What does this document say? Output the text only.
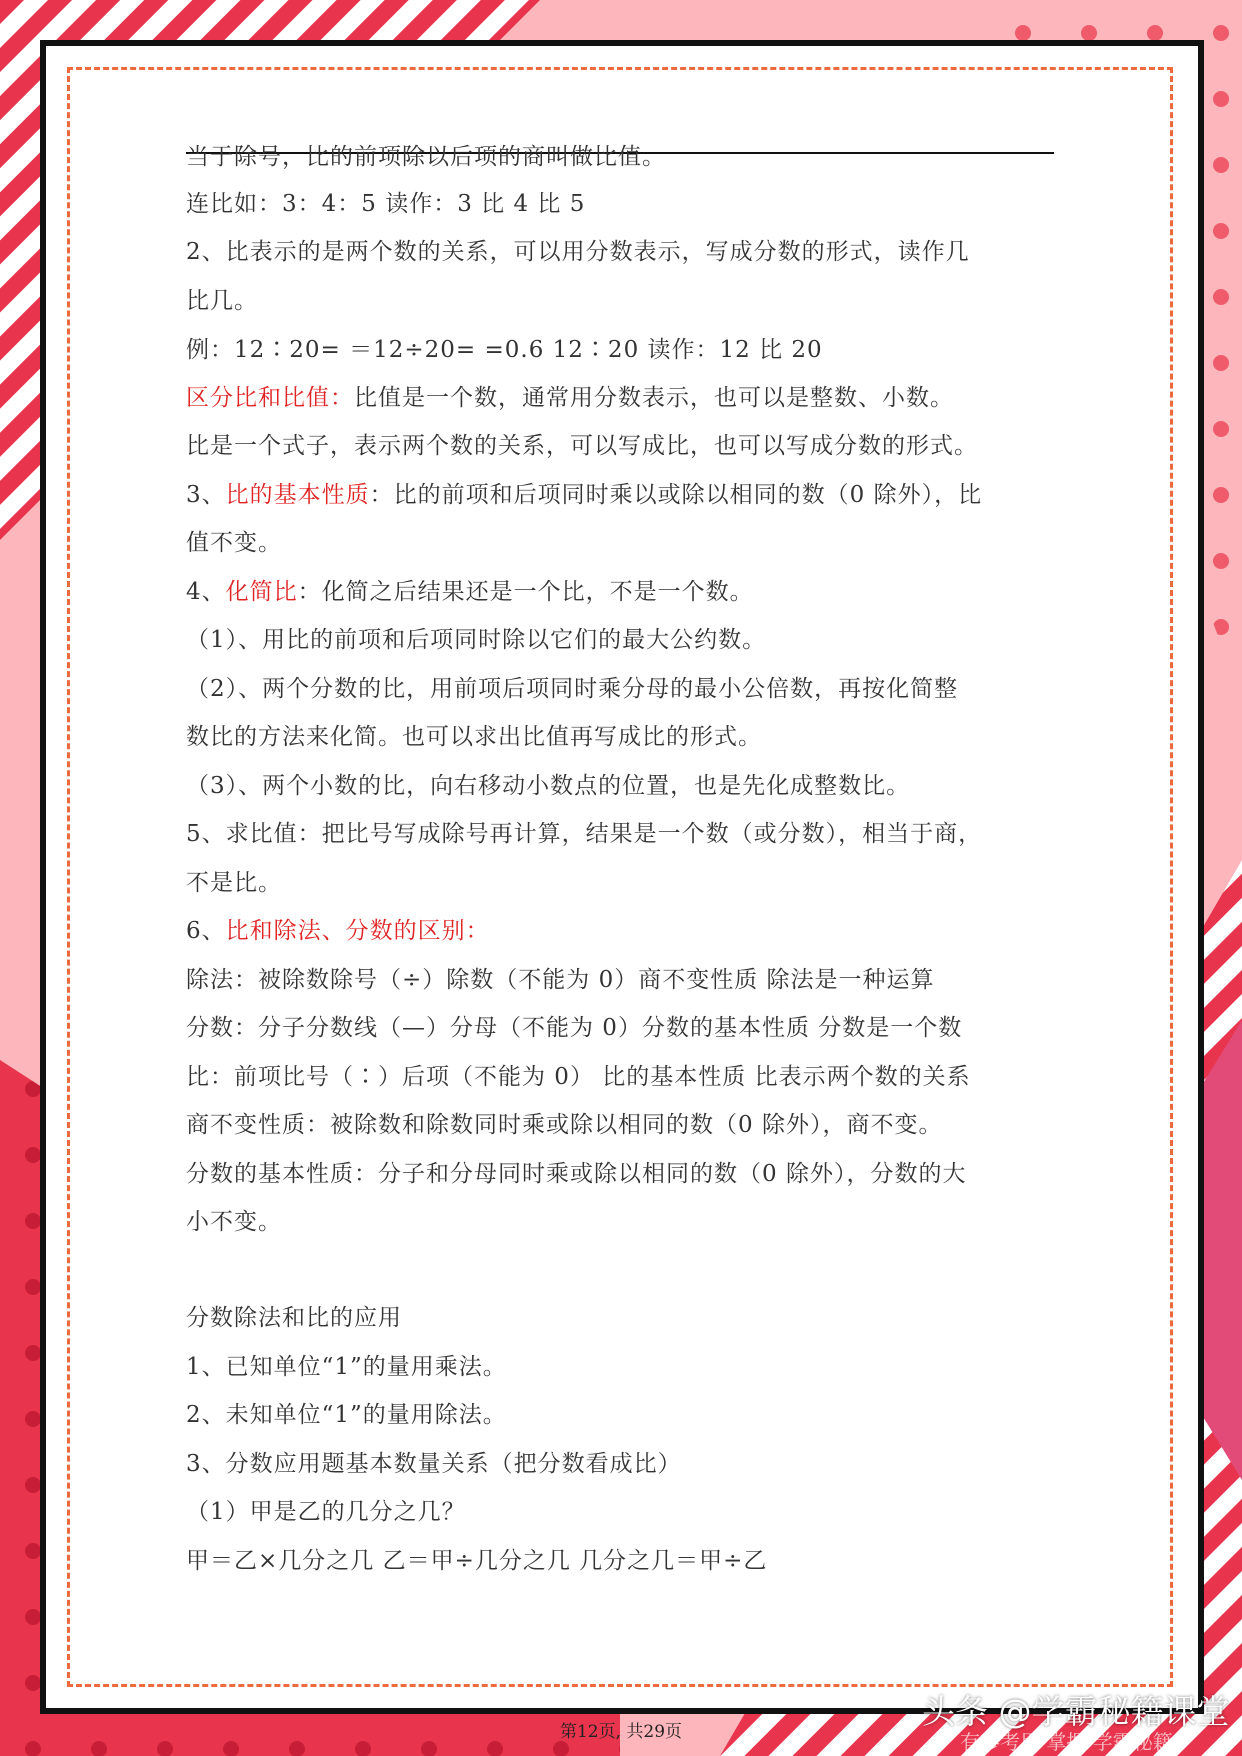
当于除号，比的前项除以后项的商叫做比值。
连比如：3：4：5 读作：3 比 4 比 5
2、比表示的是两个数的关系，可以用分数表示，写成分数的形式，读作几
比几。
例：12∶20= ＝12÷20= =0.6 12∶20 读作：12 比 20
区分比和比值：比值是一个数，通常用分数表示，也可以是整数、小数。
比是一个式子，表示两个数的关系，可以写成比，也可以写成分数的形式。
3、比的基本性质：比的前项和后项同时乘以或除以相同的数（0 除外），比
值不变。
4、化简比：化简之后结果还是一个比，不是一个数。
（1）、用比的前项和后项同时除以它们的最大公约数。
（2）、两个分数的比，用前项后项同时乘分母的最小公倍数，再按化简整
数比的方法来化简。也可以求出比值再写成比的形式。
（3）、两个小数的比，向右移动小数点的位置，也是先化成整数比。
5、求比值：把比号写成除号再计算，结果是一个数（或分数），相当于商，
不是比。
6、比和除法、分数的区别：
除法：被除数除号（÷）除数（不能为 0）商不变性质 除法是一种运算
分数：分子分数线（—）分母（不能为 0）分数的基本性质 分数是一个数
比：前项比号（∶）后项（不能为 0） 比的基本性质 比表示两个数的关系
商不变性质：被除数和除数同时乘或除以相同的数（0 除外），商不变。
分数的基本性质：分子和分母同时乘或除以相同的数（0 除外），分数的大
小不变。
分数除法和比的应用
1、已知单位“1”的量用乘法。
2、未知单位“1”的量用除法。
3、分数应用题基本数量关系（把分数看成比）
（1）甲是乙的几分之几？
甲＝乙×几分之几 乙＝甲÷几分之几 几分之几＝甲÷乙
第12页, 共29页
头条 @学霸秘籍课堂
有参考用 掌握 学霸秘籍
